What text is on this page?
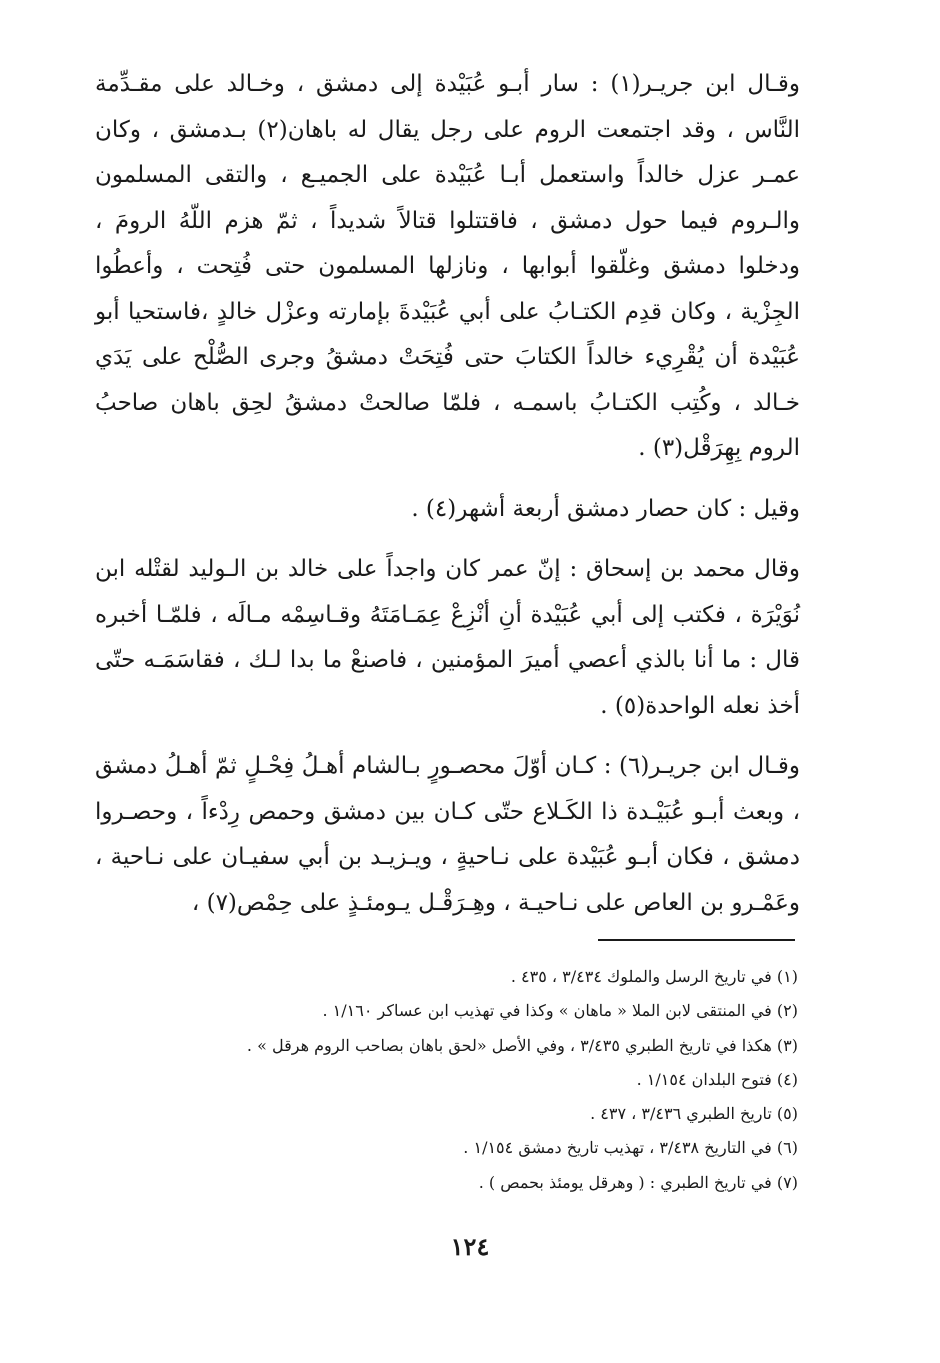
وقـال ابن جريـر(١) : سار أبـو عُبَيْدة إلى دمشق ، وخـالد على مقـدِّمة النَّاس ، وقد اجتمعت الروم على رجل يقال له باهان(٢) بـدمشق ، وكان عمـر عزل خالداً واستعمل أبـا عُبَيْدة على الجميـع ، والتقى المسلمون والـروم فيما حول دمشق ، فاقتتلوا قتالاً شديداً ، ثمّ هزم اللّهُ الرومَ ، ودخلوا دمشق وغلّقوا أبوابها ، ونازلها المسلمون حتى فُتِحت ، وأعطُوا الجِزْية ، وكان قدِم الكتـابُ على أبي عُبَيْدةَ بإمارته وعزْل خالدٍ ،فاستحيا أبو عُبَيْدة أن يُقْرِيء خالداً الكتابَ حتى فُتِحَتْ دمشقُ وجرى الصُّلْح على يَدَي خـالد ، وكُتِب الكتـابُ باسمـه ، فلمّا صالحتْ دمشقُ لحِق باهان صاحبُ الروم بِهِرَقْل(٣) .

وقيل : كان حصار دمشق أربعة أشهر(٤) .

وقال محمد بن إسحاق : إنّ عمر كان واجداً على خالد بن الـوليد لقتْله ابن نُوَيْرَة ، فكتب إلى أبي عُبَيْدة أنِ أنْزِعْ عِمَـامَتَهُ وقـاسِمْه مـالَه ، فلمّـا أخبره قال : ما أنا بالذي أعصي أميرَ المؤمنين ، فاصنعْ ما بدا لـك ، فقاسَمَـه حتّى أخذ نعله الواحدة(٥) .

وقـال ابن جريـر(٦) : كـان أوّلَ محصـورٍ بـالشام أهـلُ فِحْـلٍ ثمّ أهـلُ دمشق ، وبعث أبـو عُبَيْـدة ذا الكَـلاع حتّى كـان بين دمشق وحمص رِدْءاً ، وحصـروا دمشق ، فكان أبـو عُبَيْدة على نـاحيةٍ ، ويـزيـد بن أبي سفيـان على نـاحية ، وعَمْـرو بن العاص على نـاحيـة ، وهِـرَقْـل يـومئـذٍ على حِمْص(٧) ،

(١) في تاريخ الرسل والملوك ٣/٤٣٤ ، ٤٣٥ .

(٢) في المنتقى لابن الملا « ماهان » وكذا في تهذيب ابن عساكر ١/١٦٠ .

(٣) هكذا في تاريخ الطبري ٣/٤٣٥ ، وفي الأصل «لحق باهان بصاحب الروم هرقل » .

(٤) فتوح البلدان ١/١٥٤ .

(٥) تاريخ الطبري ٣/٤٣٦ ، ٤٣٧ .

(٦) في التاريخ ٣/٤٣٨ ، تهذيب تاريخ دمشق ١/١٥٤ .

(٧) في تاريخ الطبري : ( وهرقل يومئذ بحمص ) .

١٢٤
